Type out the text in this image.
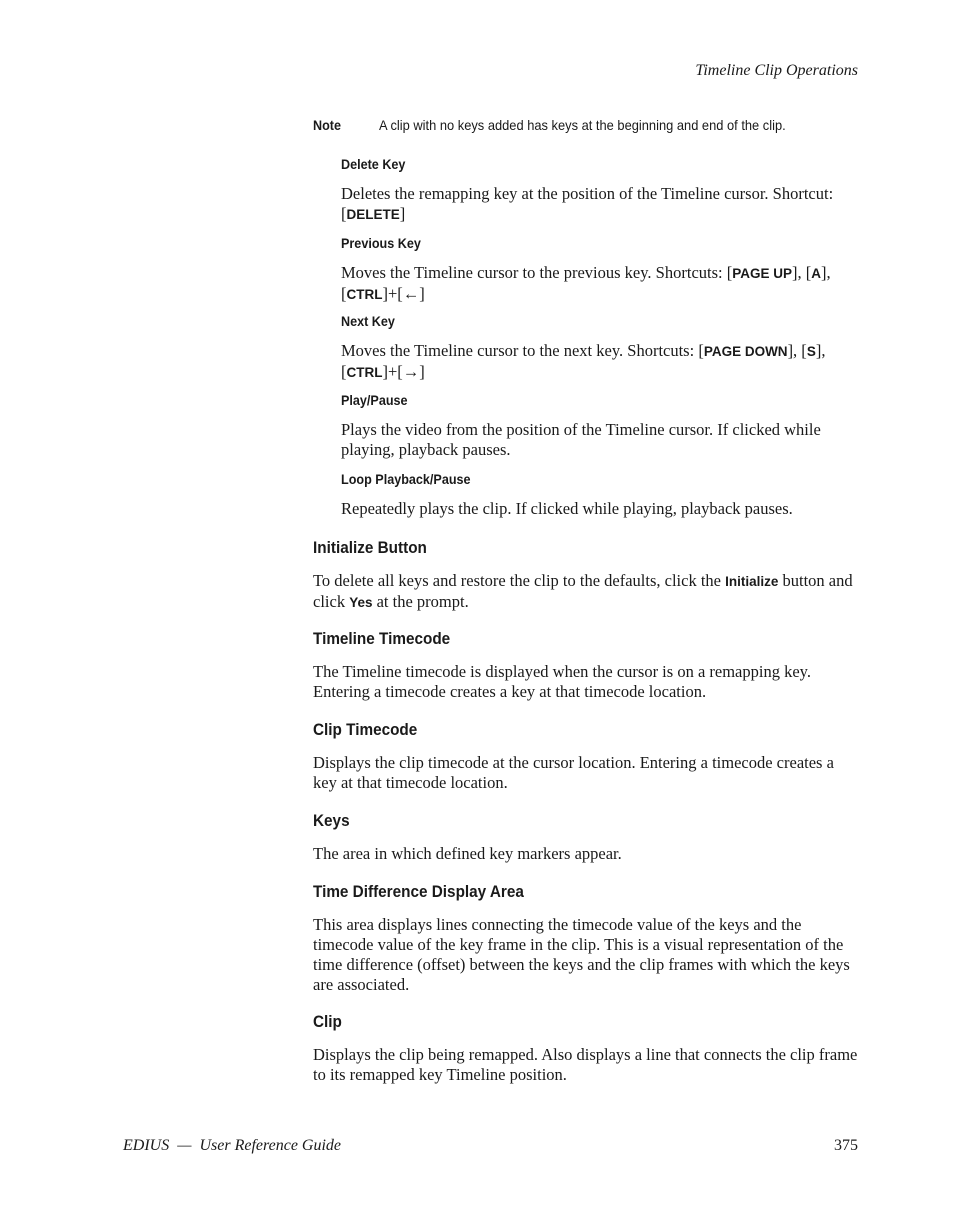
Timeline Clip Operations
Note	A clip with no keys added has keys at the beginning and end of the clip.
Delete Key

Deletes the remapping key at the position of the Timeline cursor. Shortcut: [DELETE]

Previous Key

Moves the Timeline cursor to the previous key. Shortcuts: [PAGE UP], [A], [CTRL]+[←]

Next Key

Moves the Timeline cursor to the next key. Shortcuts: [PAGE DOWN], [S], [CTRL]+[→]

Play/Pause

Plays the video from the position of the Timeline cursor. If clicked while playing, playback pauses.

Loop Playback/Pause

Repeatedly plays the clip. If clicked while playing, playback pauses.

Initialize Button

To delete all keys and restore the clip to the defaults, click the Initialize button and click Yes at the prompt.

Timeline Timecode

The Timeline timecode is displayed when the cursor is on a remapping key. Entering a timecode creates a key at that timecode location.

Clip Timecode

Displays the clip timecode at the cursor location. Entering a timecode creates a key at that timecode location.

Keys

The area in which defined key markers appear.

Time Difference Display Area

This area displays lines connecting the timecode value of the keys and the timecode value of the key frame in the clip. This is a visual representation of the time difference (offset) between the keys and the clip frames with which the keys are associated.

Clip

Displays the clip being remapped. Also displays a line that connects the clip frame to its remapped key Timeline position.

EDIUS — User Reference Guide	375
